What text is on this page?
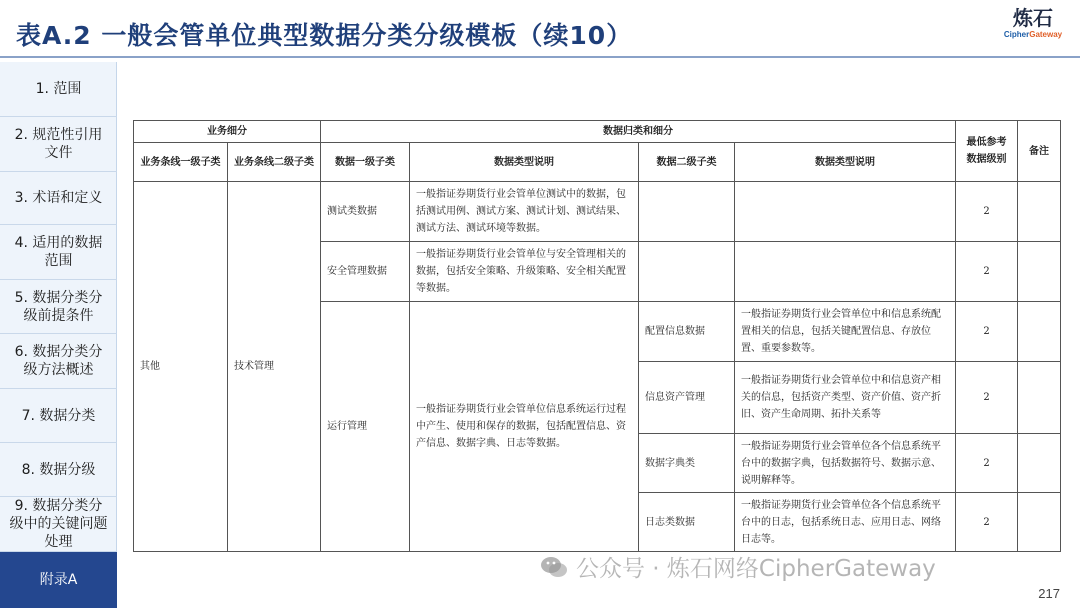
表A.2 一般会管单位典型数据分类分级模板（续10）
炼石
CipherGateway
1. 范围
2. 规范性引用文件
3. 术语和定义
4. 适用的数据范围
5. 数据分类分级前提条件
6. 数据分类分级方法概述
7. 数据分类
8. 数据分级
9. 数据分类分级中的关键问题处理
附录A
业务细分		数据归类和细分				最低参考数据级别	备注
业务条线一级子类	业务条线二级子类	数据一级子类	数据类型说明	数据二级子类	数据类型说明		
其他	技术管理	测试类数据	一般指证券期货行业会管单位测试中的数据，包括测试用例、测试方案、测试计划、测试结果、测试方法、测试环境等数据。			2	
		安全管理数据	一般指证券期货行业会管单位与安全管理相关的数据，包括安全策略、升级策略、安全相关配置等数据。			2	
		运行管理	一般指证券期货行业会管单位信息系统运行过程中产生、使用和保存的数据，包括配置信息、资产信息、数据字典、日志等数据。	配置信息数据	一般指证券期货行业会管单位中和信息系统配置相关的信息，包括关键配置信息、存放位置、重要参数等。	2	
				信息资产管理	一般指证券期货行业会管单位中和信息资产相关的信息，包括资产类型、资产价值、资产折旧、资产生命周期、拓扑关系等	2	
				数据字典类	一般指证券期货行业会管单位各个信息系统平台中的数据字典，包括数据符号、数据示意、说明解释等。	2	
				日志类数据	一般指证券期货行业会管单位各个信息系统平台中的日志，包括系统日志、应用日志、网络日志等。	2	
公众号 · 炼石网络CipherGateway
217
